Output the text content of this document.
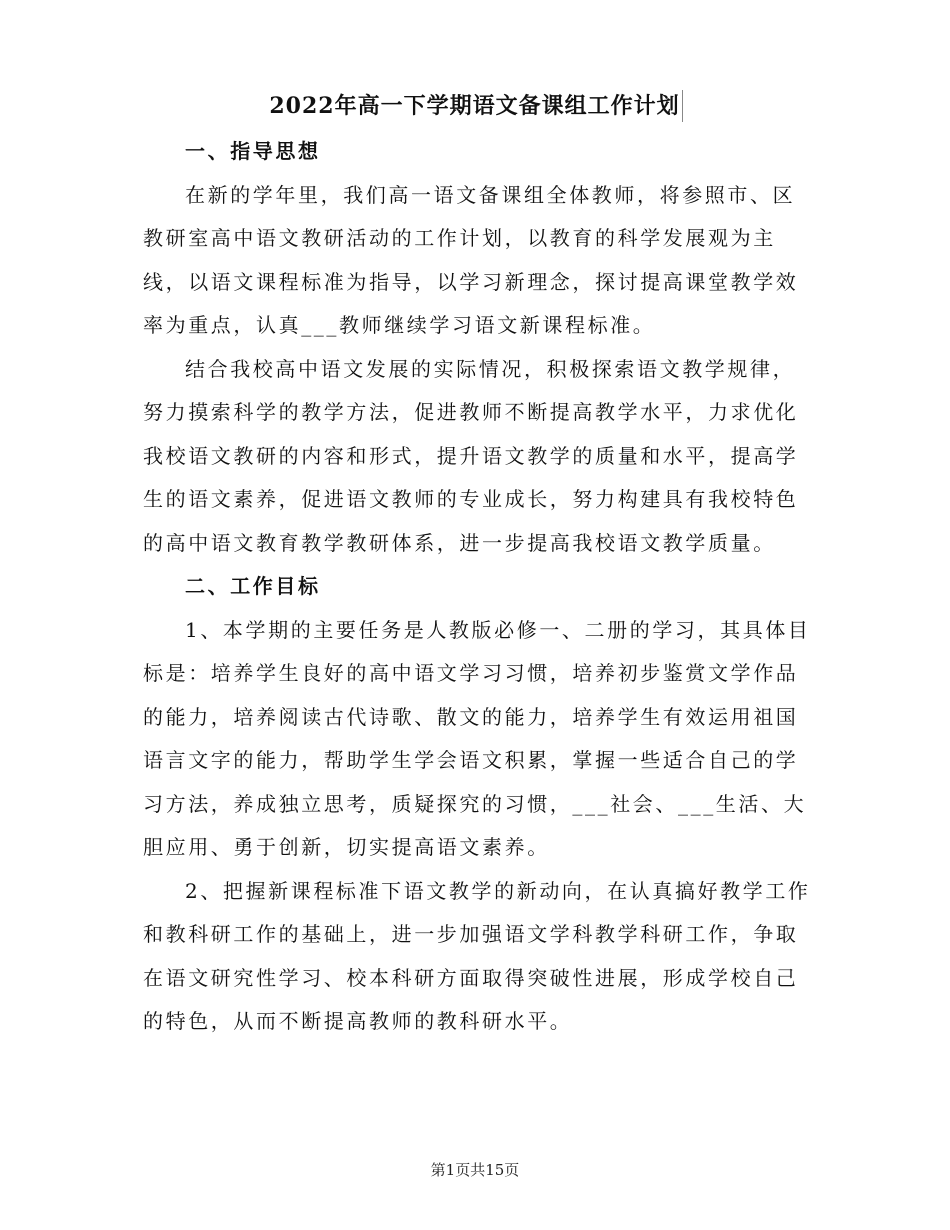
2022年高一下学期语文备课组工作计划

一、指导思想

在新的学年里，我们高一语文备课组全体教师，将参照市、区教研室高中语文教研活动的工作计划，以教育的科学发展观为主线，以语文课程标准为指导，以学习新理念，探讨提高课堂教学效率为重点，认真___教师继续学习语文新课程标准。

结合我校高中语文发展的实际情况，积极探索语文教学规律，努力摸索科学的教学方法，促进教师不断提高教学水平，力求优化我校语文教研的内容和形式，提升语文教学的质量和水平，提高学生的语文素养，促进语文教师的专业成长，努力构建具有我校特色的高中语文教育教学教研体系，进一步提高我校语文教学质量。

二、工作目标

1、本学期的主要任务是人教版必修一、二册的学习，其具体目标是：培养学生良好的高中语文学习习惯，培养初步鉴赏文学作品的能力，培养阅读古代诗歌、散文的能力，培养学生有效运用祖国语言文字的能力，帮助学生学会语文积累，掌握一些适合自己的学习方法，养成独立思考，质疑探究的习惯，___社会、___生活、大胆应用、勇于创新，切实提高语文素养。

2、把握新课程标准下语文教学的新动向，在认真搞好教学工作和教科研工作的基础上，进一步加强语文学科教学科研工作，争取在语文研究性学习、校本科研方面取得突破性进展，形成学校自己的特色，从而不断提高教师的教科研水平。

第1页共15页
